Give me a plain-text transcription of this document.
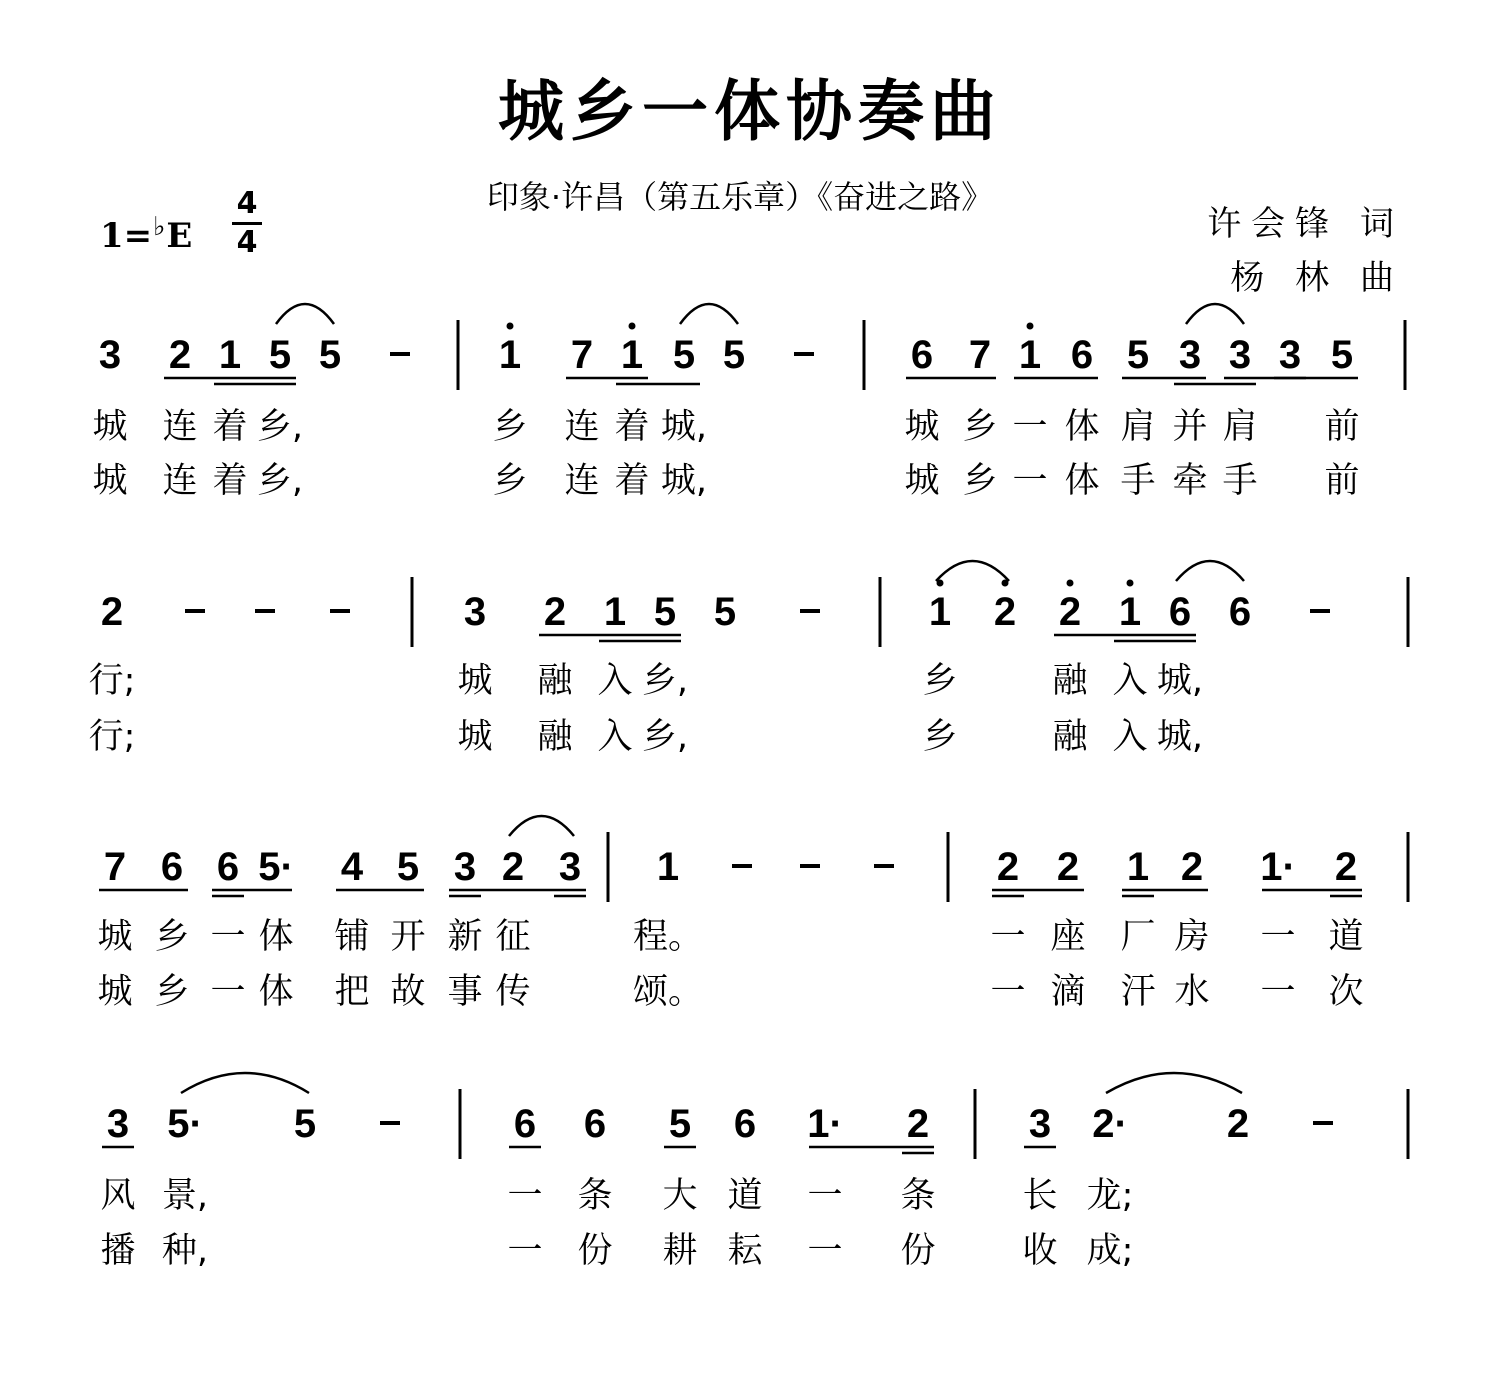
城乡一体协奏曲
印象·许昌（第五乐章）《奋进之路》
1=♭E
4
4	许会锋 词
杨 林 曲
3 2 1 5 5	1 7 1 5 5	6 7 1 6 5 3 3 3 5
城 连 着 乡,	乡 连 着 城,	城 乡 一 体 肩 并 肩 前
城 连 着 乡,	乡 连 着 城,	城 乡 一 体 手 牵 手 前
2	3 2 1 5 5	1 2 2 1 6 6
行;	城 融 入 乡,	乡	融 入 城,
行;	城 融 入 乡,	乡	融 入 城,
7 6 6 5· 4 5 3 2 3 1	2 2 1 2 1· 2
城 乡 一 体 铺 开 新 征	程。	一 座 厂 房 一 道
城 乡 一 体 把 故 事 传	颂。	一 滴 汗 水 一 次
3 5· 5	6 6 5 6 1· 2 3 2· 2
风 景,	一 条 大 道 一 条 长 龙;
播 种,	一 份 耕 耘 一 份 收 成;
